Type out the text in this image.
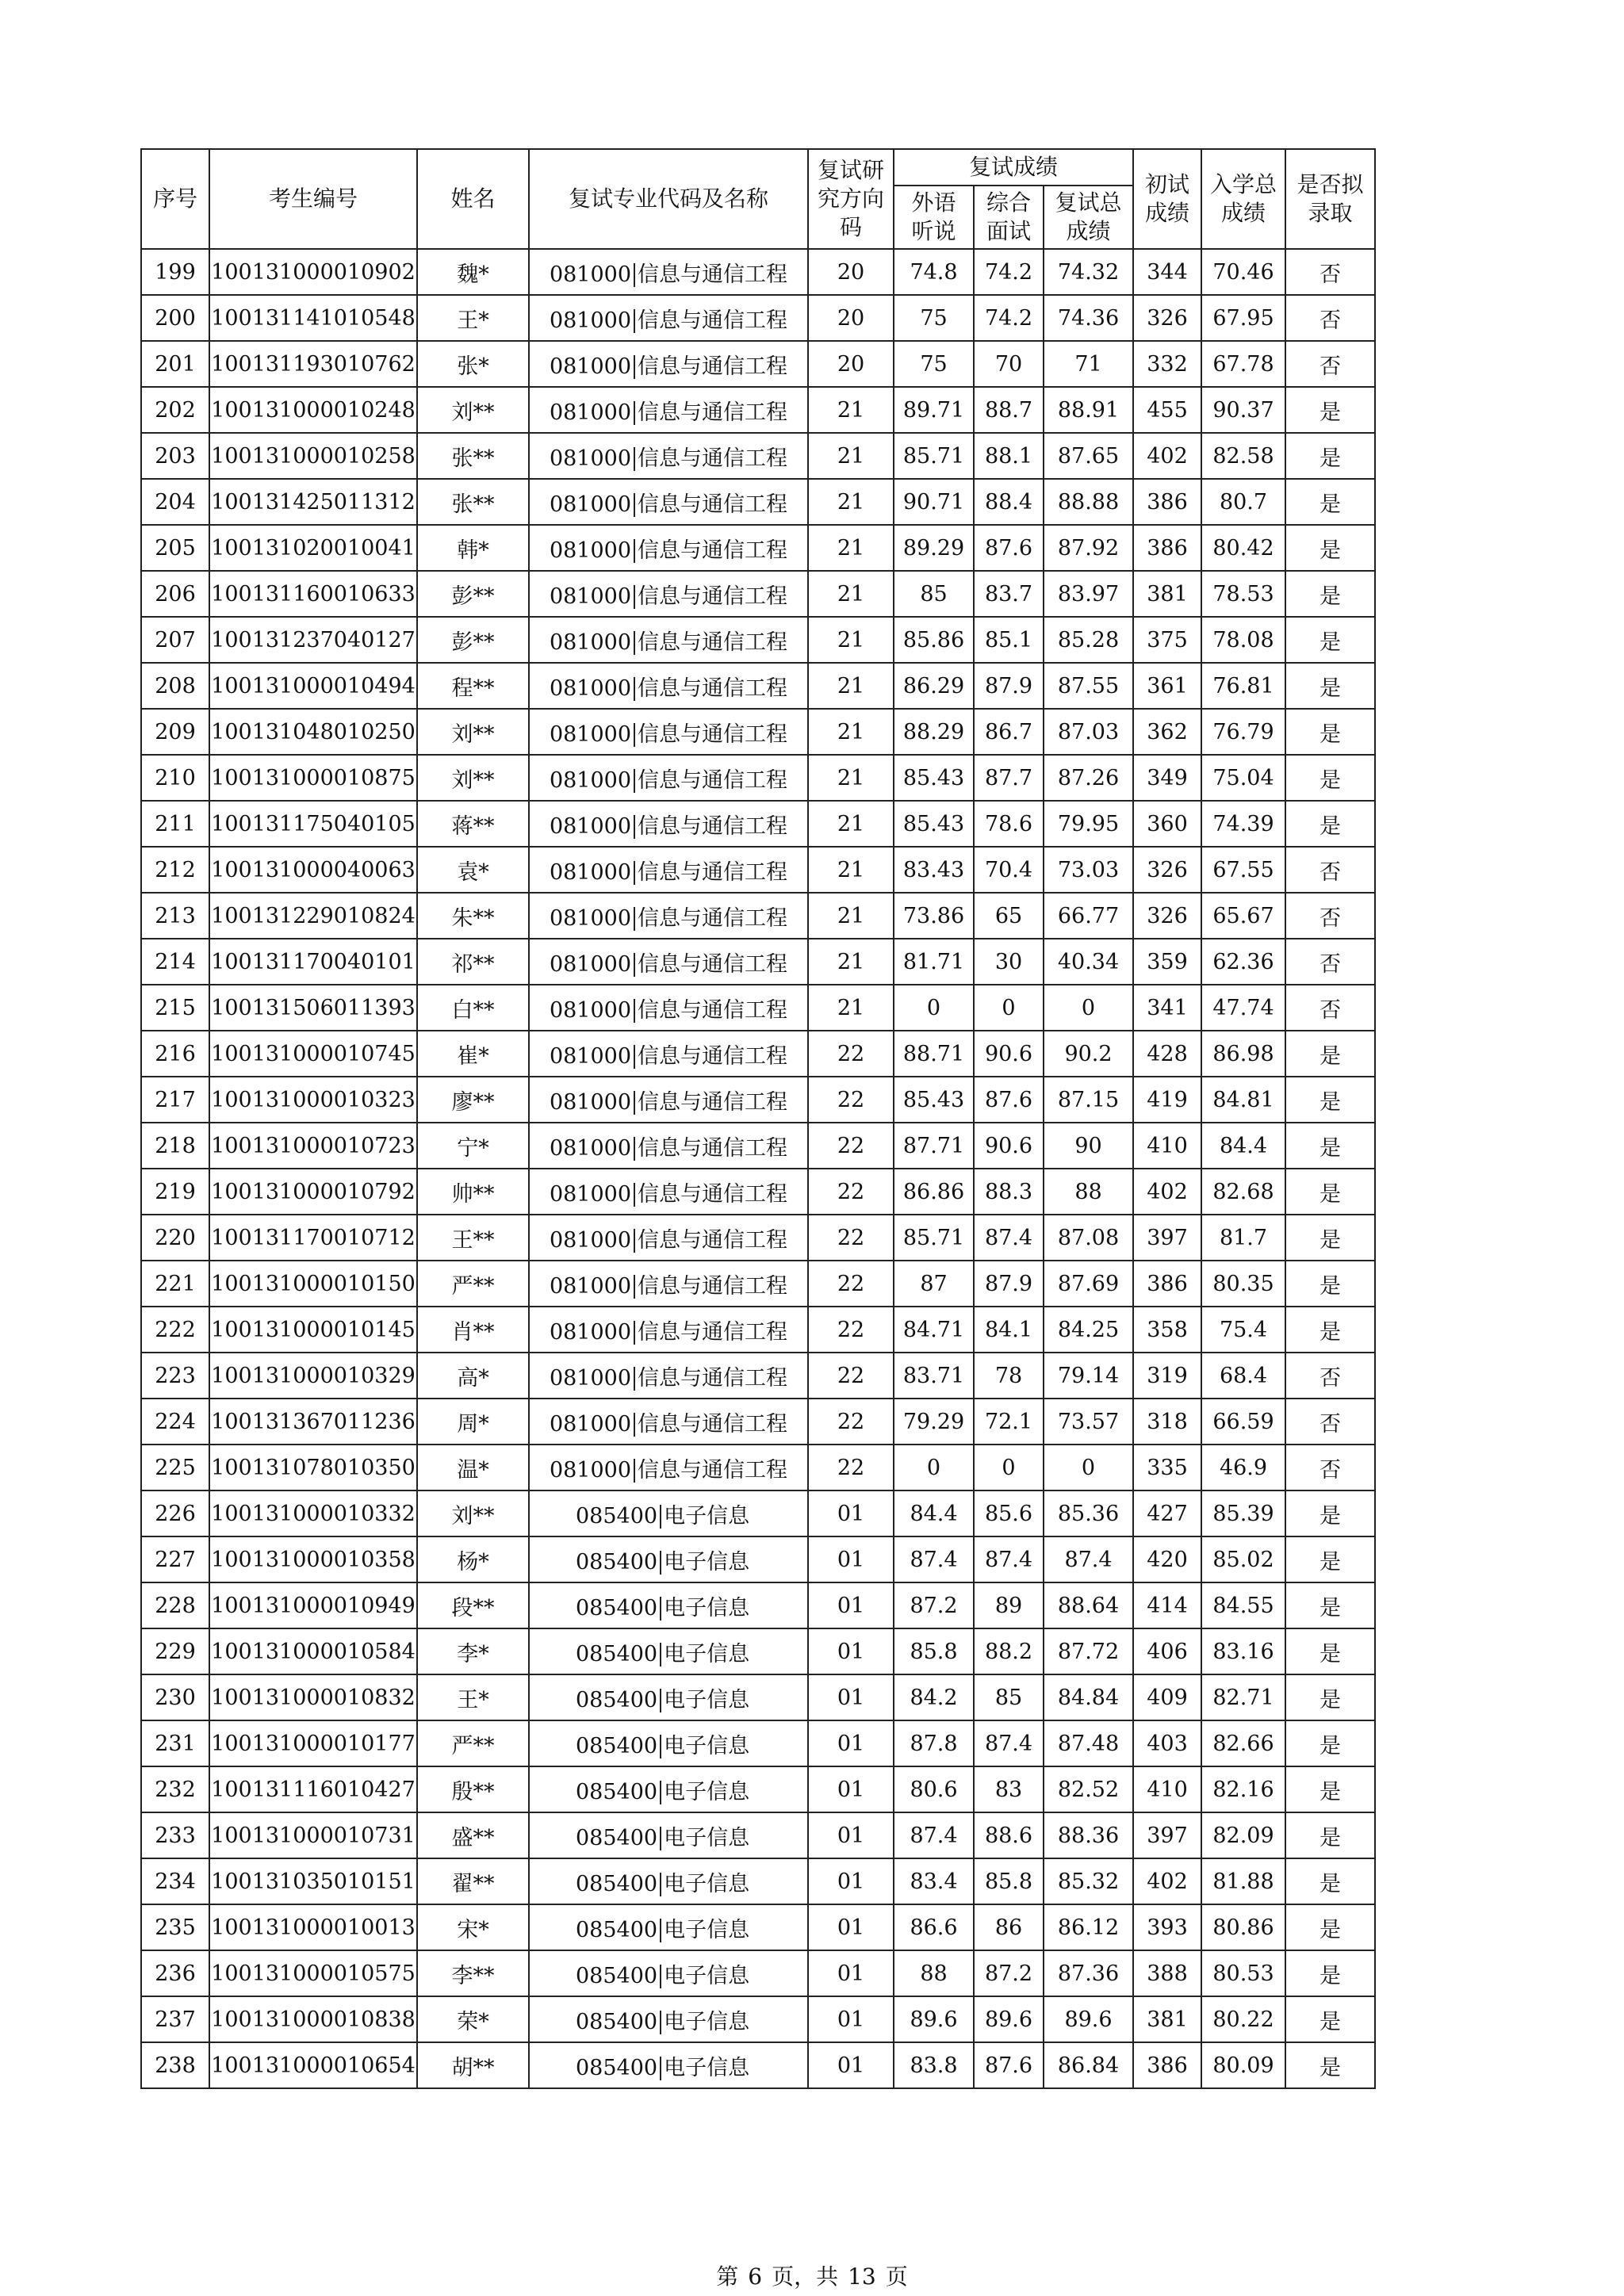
序号	考生编号	姓名	复试专业代码及名称	复试研究方向码	复试成绩			初试成绩	入学总成绩	是否拟录取
					外语听说	综合面试	复试总成绩			
199	100131000010902	魏*	081000 信息与通信工程	20	74.8	74.2	74.32	344	70.46	否
200	100131141010548	王*	081000 信息与通信工程	20	75	74.2	74.36	326	67.95	否
201	100131193010762	张*	081000 信息与通信工程	20	75	70	71	332	67.78	否
202	100131000010248	刘**	081000 信息与通信工程	21	89.71	88.7	88.91	455	90.37	是
203	100131000010258	张**	081000 信息与通信工程	21	85.71	88.1	87.65	402	82.58	是
204	100131425011312	张**	081000 信息与通信工程	21	90.71	88.4	88.88	386	80.7	是
205	100131020010041	韩*	081000 信息与通信工程	21	89.29	87.6	87.92	386	80.42	是
206	100131160010633	彭**	081000 信息与通信工程	21	85	83.7	83.97	381	78.53	是
207	100131237040127	彭**	081000 信息与通信工程	21	85.86	85.1	85.28	375	78.08	是
208	100131000010494	程**	081000 信息与通信工程	21	86.29	87.9	87.55	361	76.81	是
209	100131048010250	刘**	081000 信息与通信工程	21	88.29	86.7	87.03	362	76.79	是
210	100131000010875	刘**	081000 信息与通信工程	21	85.43	87.7	87.26	349	75.04	是
211	100131175040105	蒋**	081000 信息与通信工程	21	85.43	78.6	79.95	360	74.39	是
212	100131000040063	袁*	081000 信息与通信工程	21	83.43	70.4	73.03	326	67.55	否
213	100131229010824	朱**	081000 信息与通信工程	21	73.86	65	66.77	326	65.67	否
214	100131170040101	祁**	081000 信息与通信工程	21	81.71	30	40.34	359	62.36	否
215	100131506011393	白**	081000 信息与通信工程	21	0	0	0	341	47.74	否
216	100131000010745	崔*	081000 信息与通信工程	22	88.71	90.6	90.2	428	86.98	是
217	100131000010323	廖**	081000 信息与通信工程	22	85.43	87.6	87.15	419	84.81	是
218	100131000010723	宁*	081000 信息与通信工程	22	87.71	90.6	90	410	84.4	是
219	100131000010792	帅**	081000 信息与通信工程	22	86.86	88.3	88	402	82.68	是
220	100131170010712	王**	081000 信息与通信工程	22	85.71	87.4	87.08	397	81.7	是
221	100131000010150	严**	081000 信息与通信工程	22	87	87.9	87.69	386	80.35	是
222	100131000010145	肖**	081000 信息与通信工程	22	84.71	84.1	84.25	358	75.4	是
223	100131000010329	高*	081000 信息与通信工程	22	83.71	78	79.14	319	68.4	否
224	100131367011236	周*	081000 信息与通信工程	22	79.29	72.1	73.57	318	66.59	否
225	100131078010350	温*	081000 信息与通信工程	22	0	0	0	335	46.9	否
226	100131000010332	刘**	085400 电子信息	01	84.4	85.6	85.36	427	85.39	是
227	100131000010358	杨*	085400 电子信息	01	87.4	87.4	87.4	420	85.02	是
228	100131000010949	段**	085400 电子信息	01	87.2	89	88.64	414	84.55	是
229	100131000010584	李*	085400 电子信息	01	85.8	88.2	87.72	406	83.16	是
230	100131000010832	王*	085400 电子信息	01	84.2	85	84.84	409	82.71	是
231	100131000010177	严**	085400 电子信息	01	87.8	87.4	87.48	403	82.66	是
232	100131116010427	殷**	085400 电子信息	01	80.6	83	82.52	410	82.16	是
233	100131000010731	盛**	085400 电子信息	01	87.4	88.6	88.36	397	82.09	是
234	100131035010151	翟**	085400 电子信息	01	83.4	85.8	85.32	402	81.88	是
235	100131000010013	宋*	085400 电子信息	01	86.6	86	86.12	393	80.86	是
236	100131000010575	李**	085400 电子信息	01	88	87.2	87.36	388	80.53	是
237	100131000010838	荣*	085400 电子信息	01	89.6	89.6	89.6	381	80.22	是
238	100131000010654	胡**	085400 电子信息	01	83.8	87.6	86.84	386	80.09	是
第 6 页，共 13 页
